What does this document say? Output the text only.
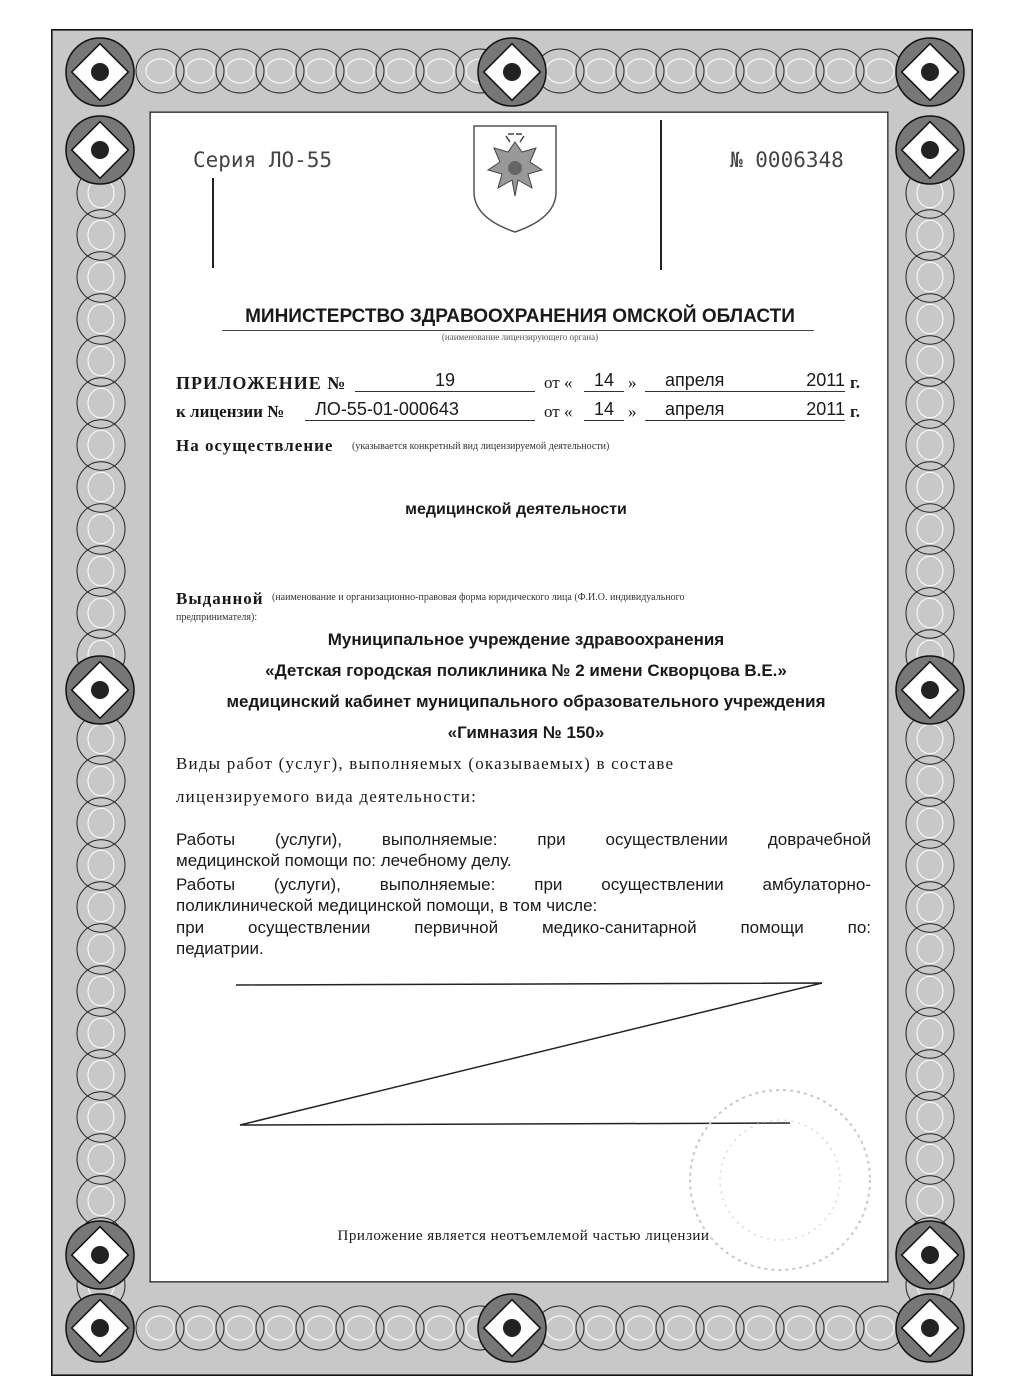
Серия ЛО-55	№ 0006348
МИНИСТЕРСТВО ЗДРАВООХРАНЕНИЯ ОМСКОЙ ОБЛАСТИ
(наименование лицензирующего органа)
ПРИЛОЖЕНИЕ №	19	от «	14 »	апреля	2011 г.
к лицензии №	ЛО-55-01-000643	от «	14 »	апреля	2011 г.
На осуществление (указывается конкретный вид лицензируемой деятельности)
медицинской деятельности
Выданной (наименование и организационно-правовая форма юридического лица (Ф.И.О. индивидуального
предпринимателя):
Муниципальное учреждение здравоохранения
«Детская городская поликлиника № 2 имени Скворцова В.Е.»
медицинский кабинет муниципального образовательного учреждения
«Гимназия № 150»
Виды работ (услуг), выполняемых (оказываемых) в составе
лицензируемого вида деятельности:
Работы (услуги), выполняемые: при осуществлении доврачебной
медицинской помощи по: лечебному делу.
Работы (услуги), выполняемые: при осуществлении амбулаторно-
поликлинической медицинской помощи, в том числе:
при осуществлении первичной медико-санитарной помощи по:
педиатрии.
Приложение является неотъемлемой частью лицензии
